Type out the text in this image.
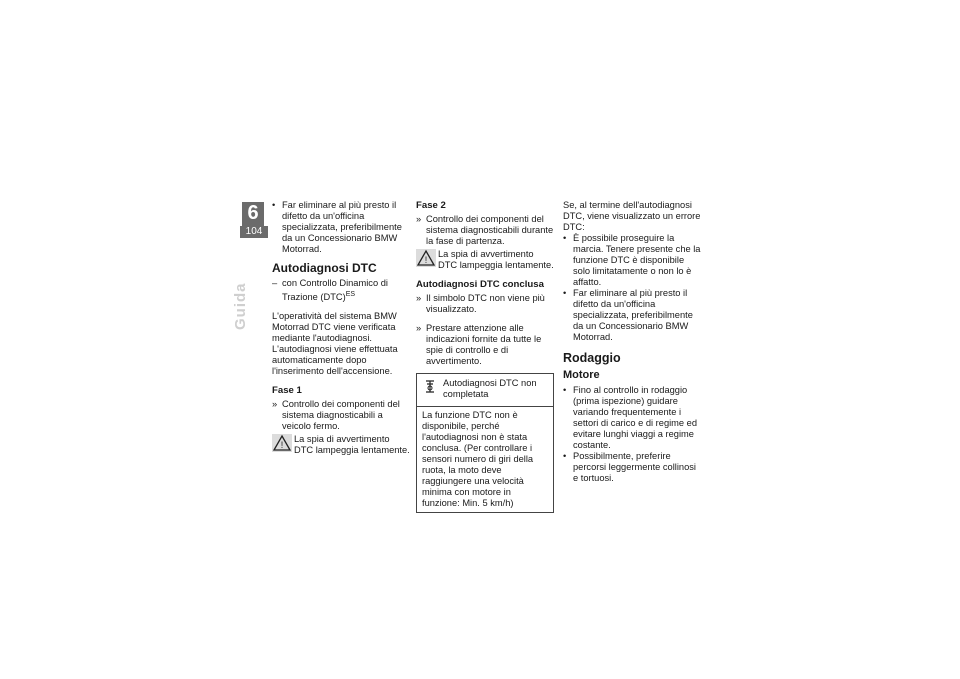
6
104
Guida

• Far eliminare al più presto il difetto da un'officina specializzata, preferibilmente da un Concessionario BMW Motorrad.

Autodiagnosi DTC

– con Controllo Dinamico di Trazione (DTC)$^{ES}$

L'operatività del sistema BMW Motorrad DTC viene verificata mediante l'autodiagnosi. L'autodiagnosi viene effettuata automaticamente dopo l'inserimento dell'accensione.

Fase 1

» Controllo dei componenti del sistema diagnosticabili a veicolo fermo.

!
La spia di avvertimento DTC lampeggia lentamente.
Fase 2

» Controllo dei componenti del sistema diagnosticabili durante la fase di partenza.

!
La spia di avvertimento DTC lampeggia lentamente.
Autodiagnosi DTC conclusa

» Il simbolo DTC non viene più visualizzato.

» Prestare attenzione alle indicazioni fornite da tutte le spie di controllo e di avvertimento.

Autodiagnosi DTC non completata
La funzione DTC non è disponibile, perché l'autodiagnosi non è stata conclusa. (Per controllare i sensori numero di giri della ruota, la moto deve raggiungere una velocità minima con motore in funzione: Min. 5 km/h)

Se, al termine dell'autodiagnosi DTC, viene visualizzato un errore DTC:

• È possibile proseguire la marcia. Tenere presente che la funzione DTC è disponibile solo limitatamente o non lo è affatto.

• Far eliminare al più presto il difetto da un'officina specializzata, preferibilmente da un Concessionario BMW Motorrad.

Rodaggio
Motore

• Fino al controllo in rodaggio (prima ispezione) guidare variando frequentemente i settori di carico e di regime ed evitare lunghi viaggi a regime costante.

• Possibilmente, preferire percorsi leggermente collinosi e tortuosi.
